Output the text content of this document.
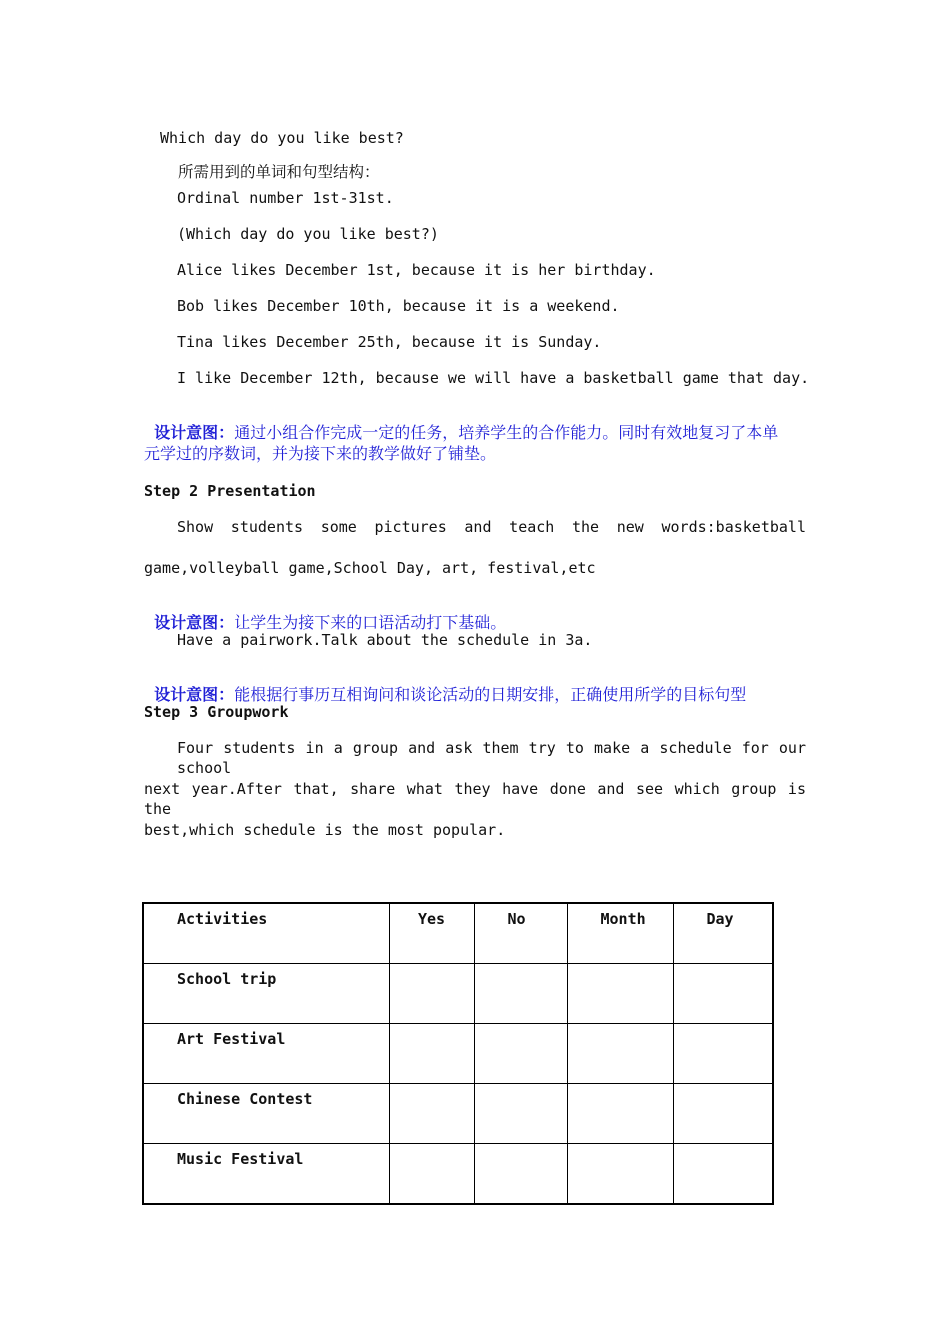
Which day do you like best?
所需用到的单词和句型结构：
Ordinal number 1st-31st.
(Which day do you like best?)
Alice likes December 1st, because it is her birthday.
Bob likes December 10th, because it is a weekend.
Tina likes December 25th, because it is Sunday.
I like December 12th, because we will have a basketball game that day.

设计意图：通过小组合作完成一定的任务，培养学生的合作能力。同时有效地复习了本单

元学过的序数词，并为接下来的教学做好了铺垫。
Step 2 Presentation
Show students some pictures and teach the new words:basketball
game,volleyball game,School Day, art, festival,etc

设计意图：让学生为接下来的口语活动打下基础。

Have a pairwork.Talk about the schedule in 3a.

设计意图：能根据行事历互相询问和谈论活动的日期安排，正确使用所学的目标句型

Step 3 Groupwork
Four students in a group and ask them try to make a schedule for our school
next year.After that, share what they have done and see which group is the
best,which schedule is the most popular.
Activities	Yes	No	Month	Day
School trip				
Art Festival				
Chinese Contest				
Music Festival				
